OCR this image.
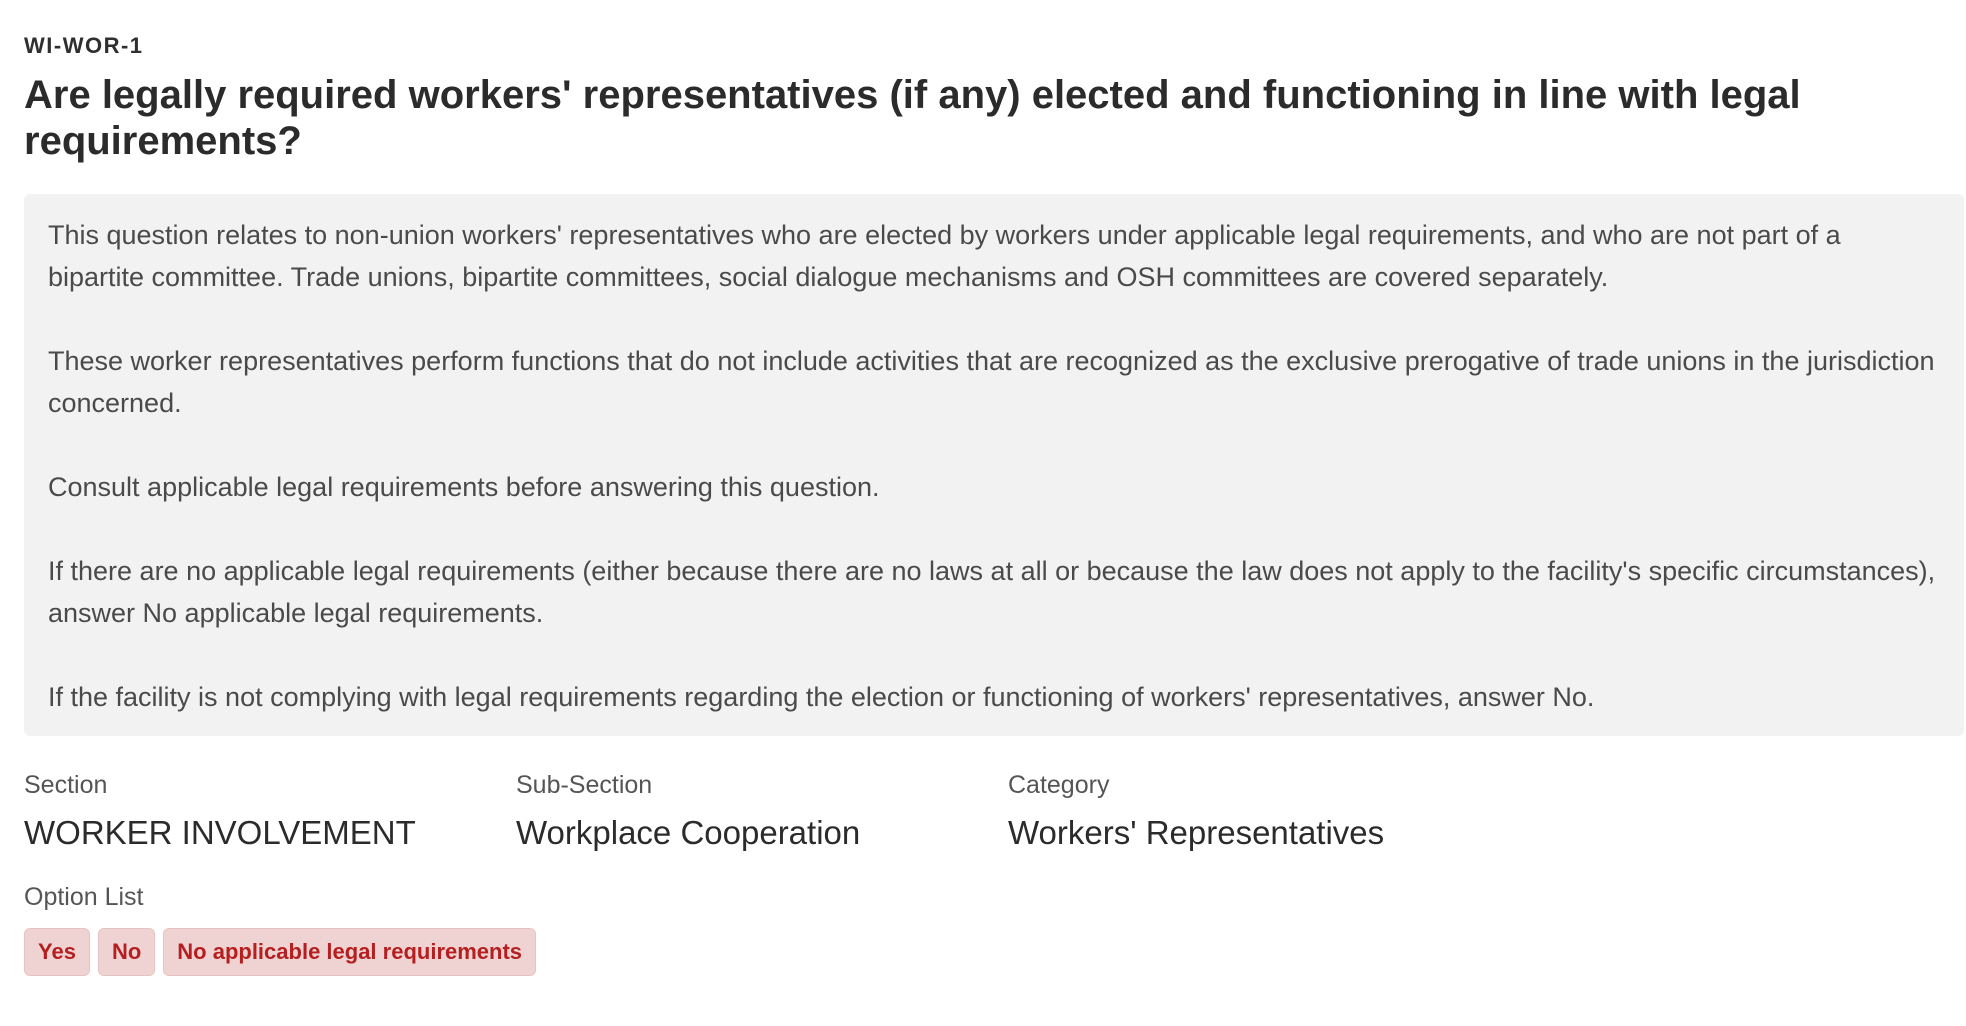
WI-WOR-1
Are legally required workers' representatives (if any) elected and functioning in line with legal requirements?

This question relates to non-union workers' representatives who are elected by workers under applicable legal requirements, and who are not part of a bipartite committee. Trade unions, bipartite committees, social dialogue mechanisms and OSH committees are covered separately.

These worker representatives perform functions that do not include activities that are recognized as the exclusive prerogative of trade unions in the jurisdiction concerned.

Consult applicable legal requirements before answering this question.

If there are no applicable legal requirements (either because there are no laws at all or because the law does not apply to the facility's specific circumstances), answer No applicable legal requirements.

If the facility is not complying with legal requirements regarding the election or functioning of workers' representatives, answer No.

Section
WORKER INVOLVEMENT
Sub-Section
Workplace Cooperation
Category
Workers' Representatives
Option List
Yes	No	No applicable legal requirements
